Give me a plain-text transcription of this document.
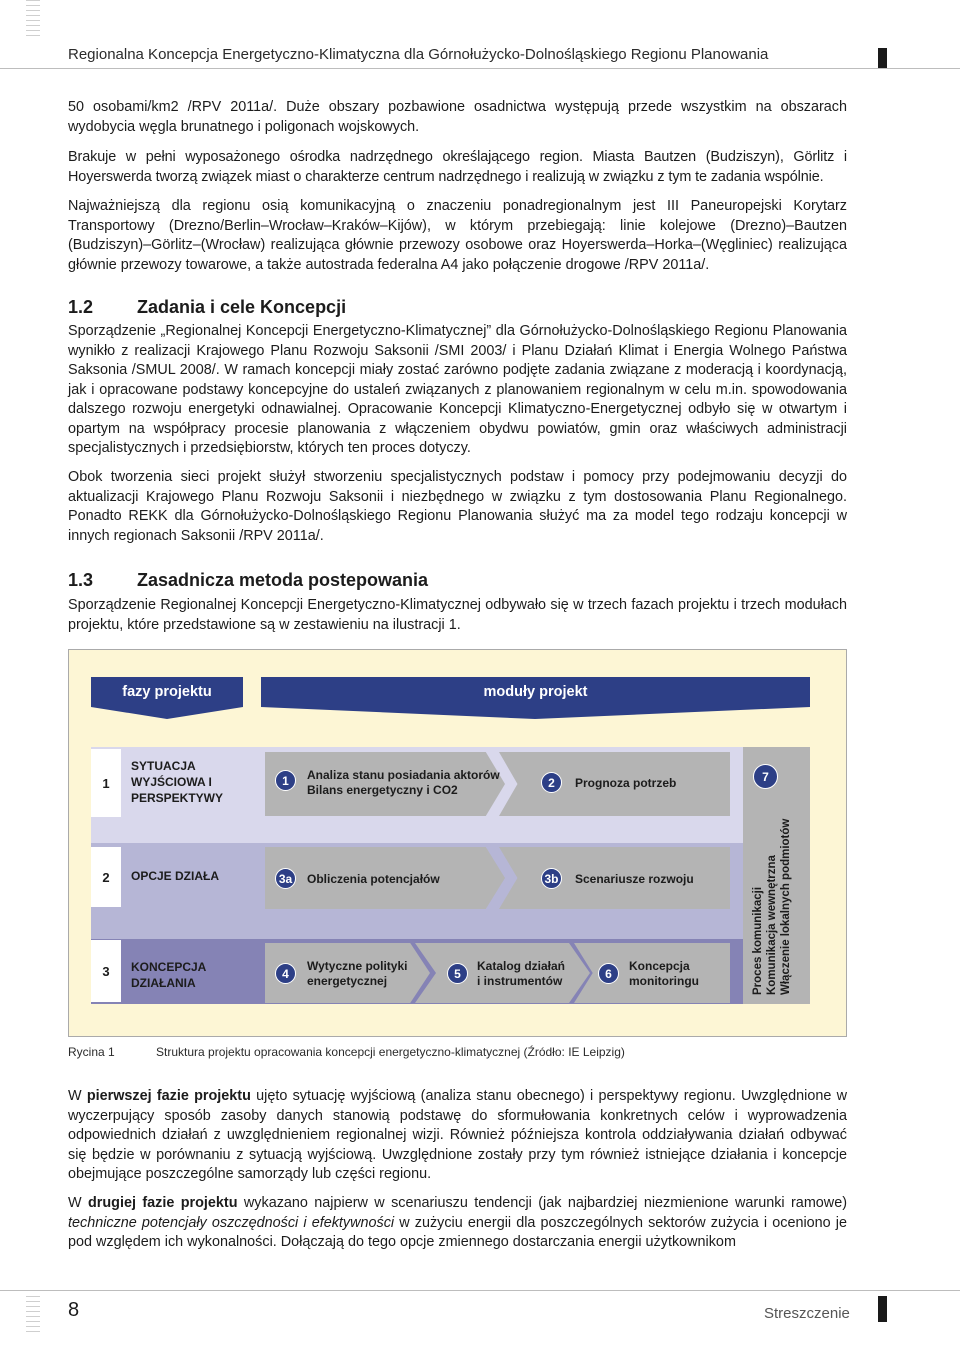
Regionalna Koncepcja Energetyczno-Klimatyczna dla Górnołużycko-Dolnośląskiego Regionu Planowania

50 osobami/km2 /RPV 2011a/. Duże obszary pozbawione osadnictwa występują przede wszystkim na obszarach wydobycia węgla brunatnego i poligonach wojskowych.

Brakuje w pełni wyposażonego ośrodka nadrzędnego określającego region. Miasta Bautzen (Budziszyn), Görlitz i Hoyerswerda tworzą związek miast o charakterze centrum nadrzędnego i realizują w związku z tym te zadania wspólnie.

Najważniejszą dla regionu osią komunikacyjną o znaczeniu ponadregionalnym jest III Paneuropejski Korytarz Transportowy (Drezno/Berlin–Wrocław–Kraków–Kijów), w którym przebiegają: linie kolejowe (Drezno)–Bautzen (Budziszyn)–Görlitz–(Wrocław) realizująca głównie przewozy osobowe oraz Hoyerswerda–Horka–(Węgliniec) realizująca głównie przewozy towarowe, a także autostrada federalna A4 jako połączenie drogowe /RPV 2011a/.

1.2 Zadania i cele Koncepcji

Sporządzenie „Regionalnej Koncepcji Energetyczno-Klimatycznej” dla Górnołużycko-Dolnośląskiego Regionu Planowania wynikło z realizacji Krajowego Planu Rozwoju Saksonii /SMI 2003/ i Planu Działań Klimat i Energia Wolnego Państwa Saksonia /SMUL 2008/. W ramach koncepcji miały zostać zarówno podjęte zadania związane z moderacją i koordynacją, jak i opracowane podstawy koncepcyjne do ustaleń związanych z planowaniem regionalnym w celu m.in. spowodowania dalszego rozwoju energetyki odnawialnej. Opracowanie Koncepcji Klimatyczno-Energetycznej odbyło się w otwartym i opartym na współpracy procesie planowania z włączeniem obydwu powiatów, gmin oraz właściwych administracji specjalistycznych i przedsiębiorstw, których ten proces dotyczy.

Obok tworzenia sieci projekt służył stworzeniu specjalistycznych podstaw i pomocy przy podejmowaniu decyzji do aktualizacji Krajowego Planu Rozwoju Saksonii i niezbędnego w związku z tym dostosowania Planu Regionalnego. Ponadto REKK dla Górnołużycko-Dolnośląskiego Regionu Planowania służyć ma za model tego rodzaju koncepcji w innych regionach Saksonii /RPV 2011a/.

1.3 Zasadnicza metoda postepowania

Sporządzenie Regionalnej Koncepcji Energetyczno-Klimatycznej odbywało się w trzech fazach projektu i trzech modułach projektu, które przedstawione są w zestawieniu na ilustracji 1.

fazy projektu	moduły projekt
1
SYTUACJA
WYJŚCIOWA I
PERSPEKTYWY
2	OPCJE DZIAŁA
3	KONCEPCJA
DZIAŁANIA
1	Analiza stanu posiadania aktorów
Bilans energetyczny i CO2
2	Prognoza potrzeb
3a	Obliczenia potencjałów	3b Scenariusze rozwoju
4
Wytyczne polityki
energetycznej
5
Katalog działań
i instrumentów
6
Koncepcja
monitoringu
7
Proces komunikacji Komunikacja wewnętrzna Włączenie lokalnych podmiotów
Rycina 1	Struktura projektu opracowania koncepcji energetyczno-klimatycznej (Źródło: IE Leipzig)

W pierwszej fazie projektu ujęto sytuację wyjściową (analiza stanu obecnego) i perspektywy regionu. Uwzględnione w wyczerpujący sposób zasoby danych stanowią podstawę do sformułowania konkretnych celów i wyprowadzenia odpowiednich działań z uwzględnieniem regionalnej wizji. Również późniejsza kontrola oddziaływania działań odbywać się będzie w porównaniu z sytuacją wyjściową. Uwzględnione zostały przy tym również istniejące działania i koncepcje obejmujące poszczególne samorządy lub części regionu.

W drugiej fazie projektu wykazano najpierw w scenariuszu tendencji (jak najbardziej niezmienione warunki ramowe) techniczne potencjały oszczędności i efektywności w zużyciu energii dla poszczególnych sektorów zużycia i oceniono je pod względem ich wykonalności. Dołączają do tego opcje zmiennego dostarczania energii użytkownikom

8	Streszczenie
